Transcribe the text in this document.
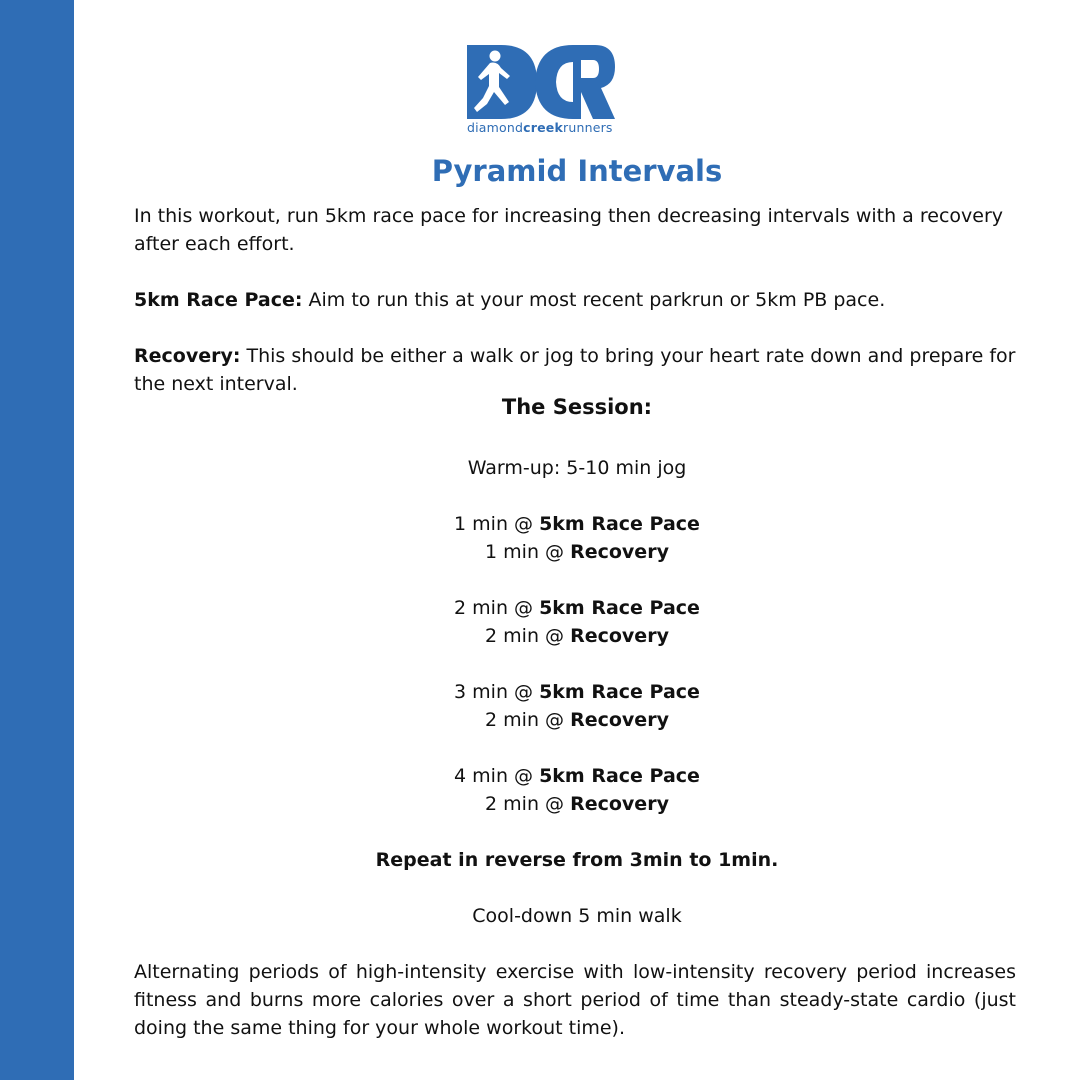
diamondcreekrunners
Pyramid Intervals

In this workout, run 5km race pace for increasing then decreasing intervals with a recovery after each effort.

5km Race Pace: Aim to run this at your most recent parkrun or 5km PB pace.

Recovery: This should be either a walk or jog to bring your heart rate down and prepare for the next interval.

The Session:

Warm-up: 5-10 min jog

1 min @ 5km Race Pace

1 min @ Recovery

2 min @ 5km Race Pace

2 min @ Recovery

3 min @ 5km Race Pace

2 min @ Recovery

4 min @ 5km Race Pace

2 min @ Recovery

Repeat in reverse from 3min to 1min.

Cool-down 5 min walk

Alternating periods of high-intensity exercise with low-intensity recovery period increases fitness and burns more calories over a short period of time than steady-state cardio (just doing the same thing for your whole workout time).
